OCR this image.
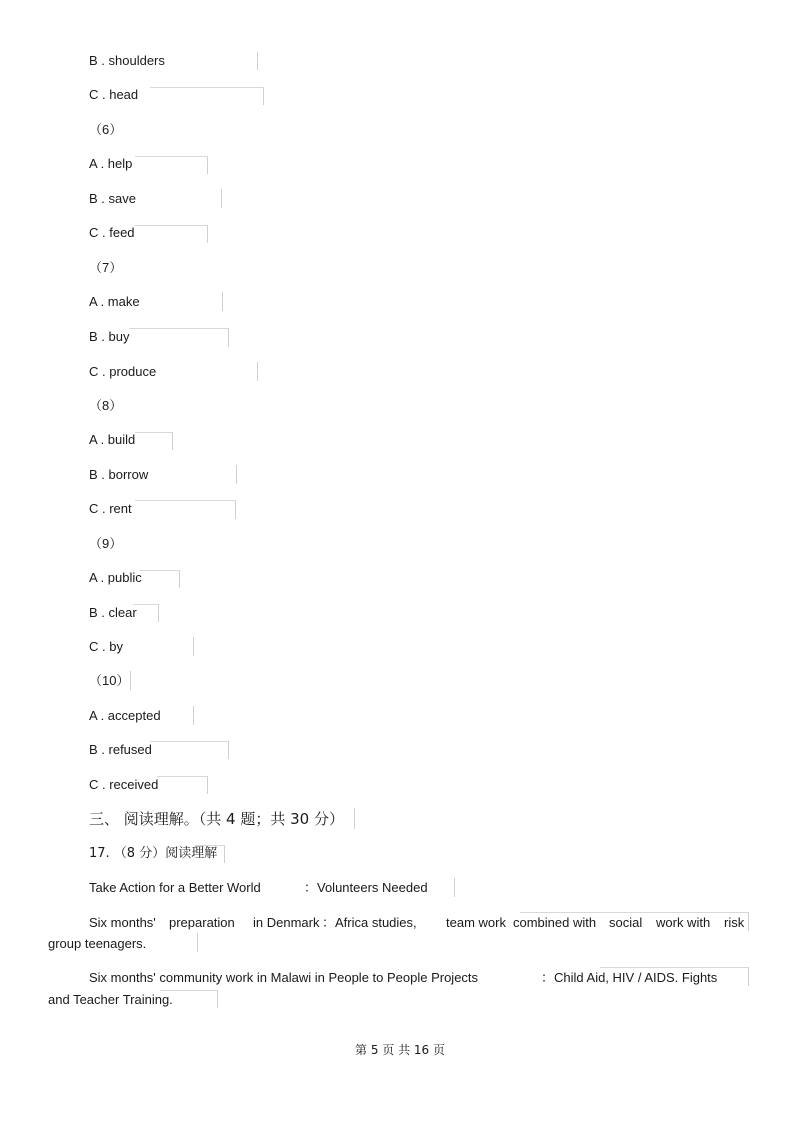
B . shoulders
C . head
（6）
A . help
B . save
C . feed
（7）
A . make
B . buy
C . produce
（8）
A . build
B . borrow
C . rent
（9）
A . public
B . clear
C . by
（10）
A . accepted
B . refused
C . received
三、 阅读理解。（共 4 题；共 30 分）
17. （8 分）阅读理解
Take Action for a Better World	：Volunteers Needed
Six months' preparation in Denmark ：Africa studies, team work combined with social work with risk
group teenagers.
Six months' community work in Malawi in People to People Projects	：Child Aid, HIV / AIDS. Fights
and Teacher Training.
第 5 页 共 16 页
